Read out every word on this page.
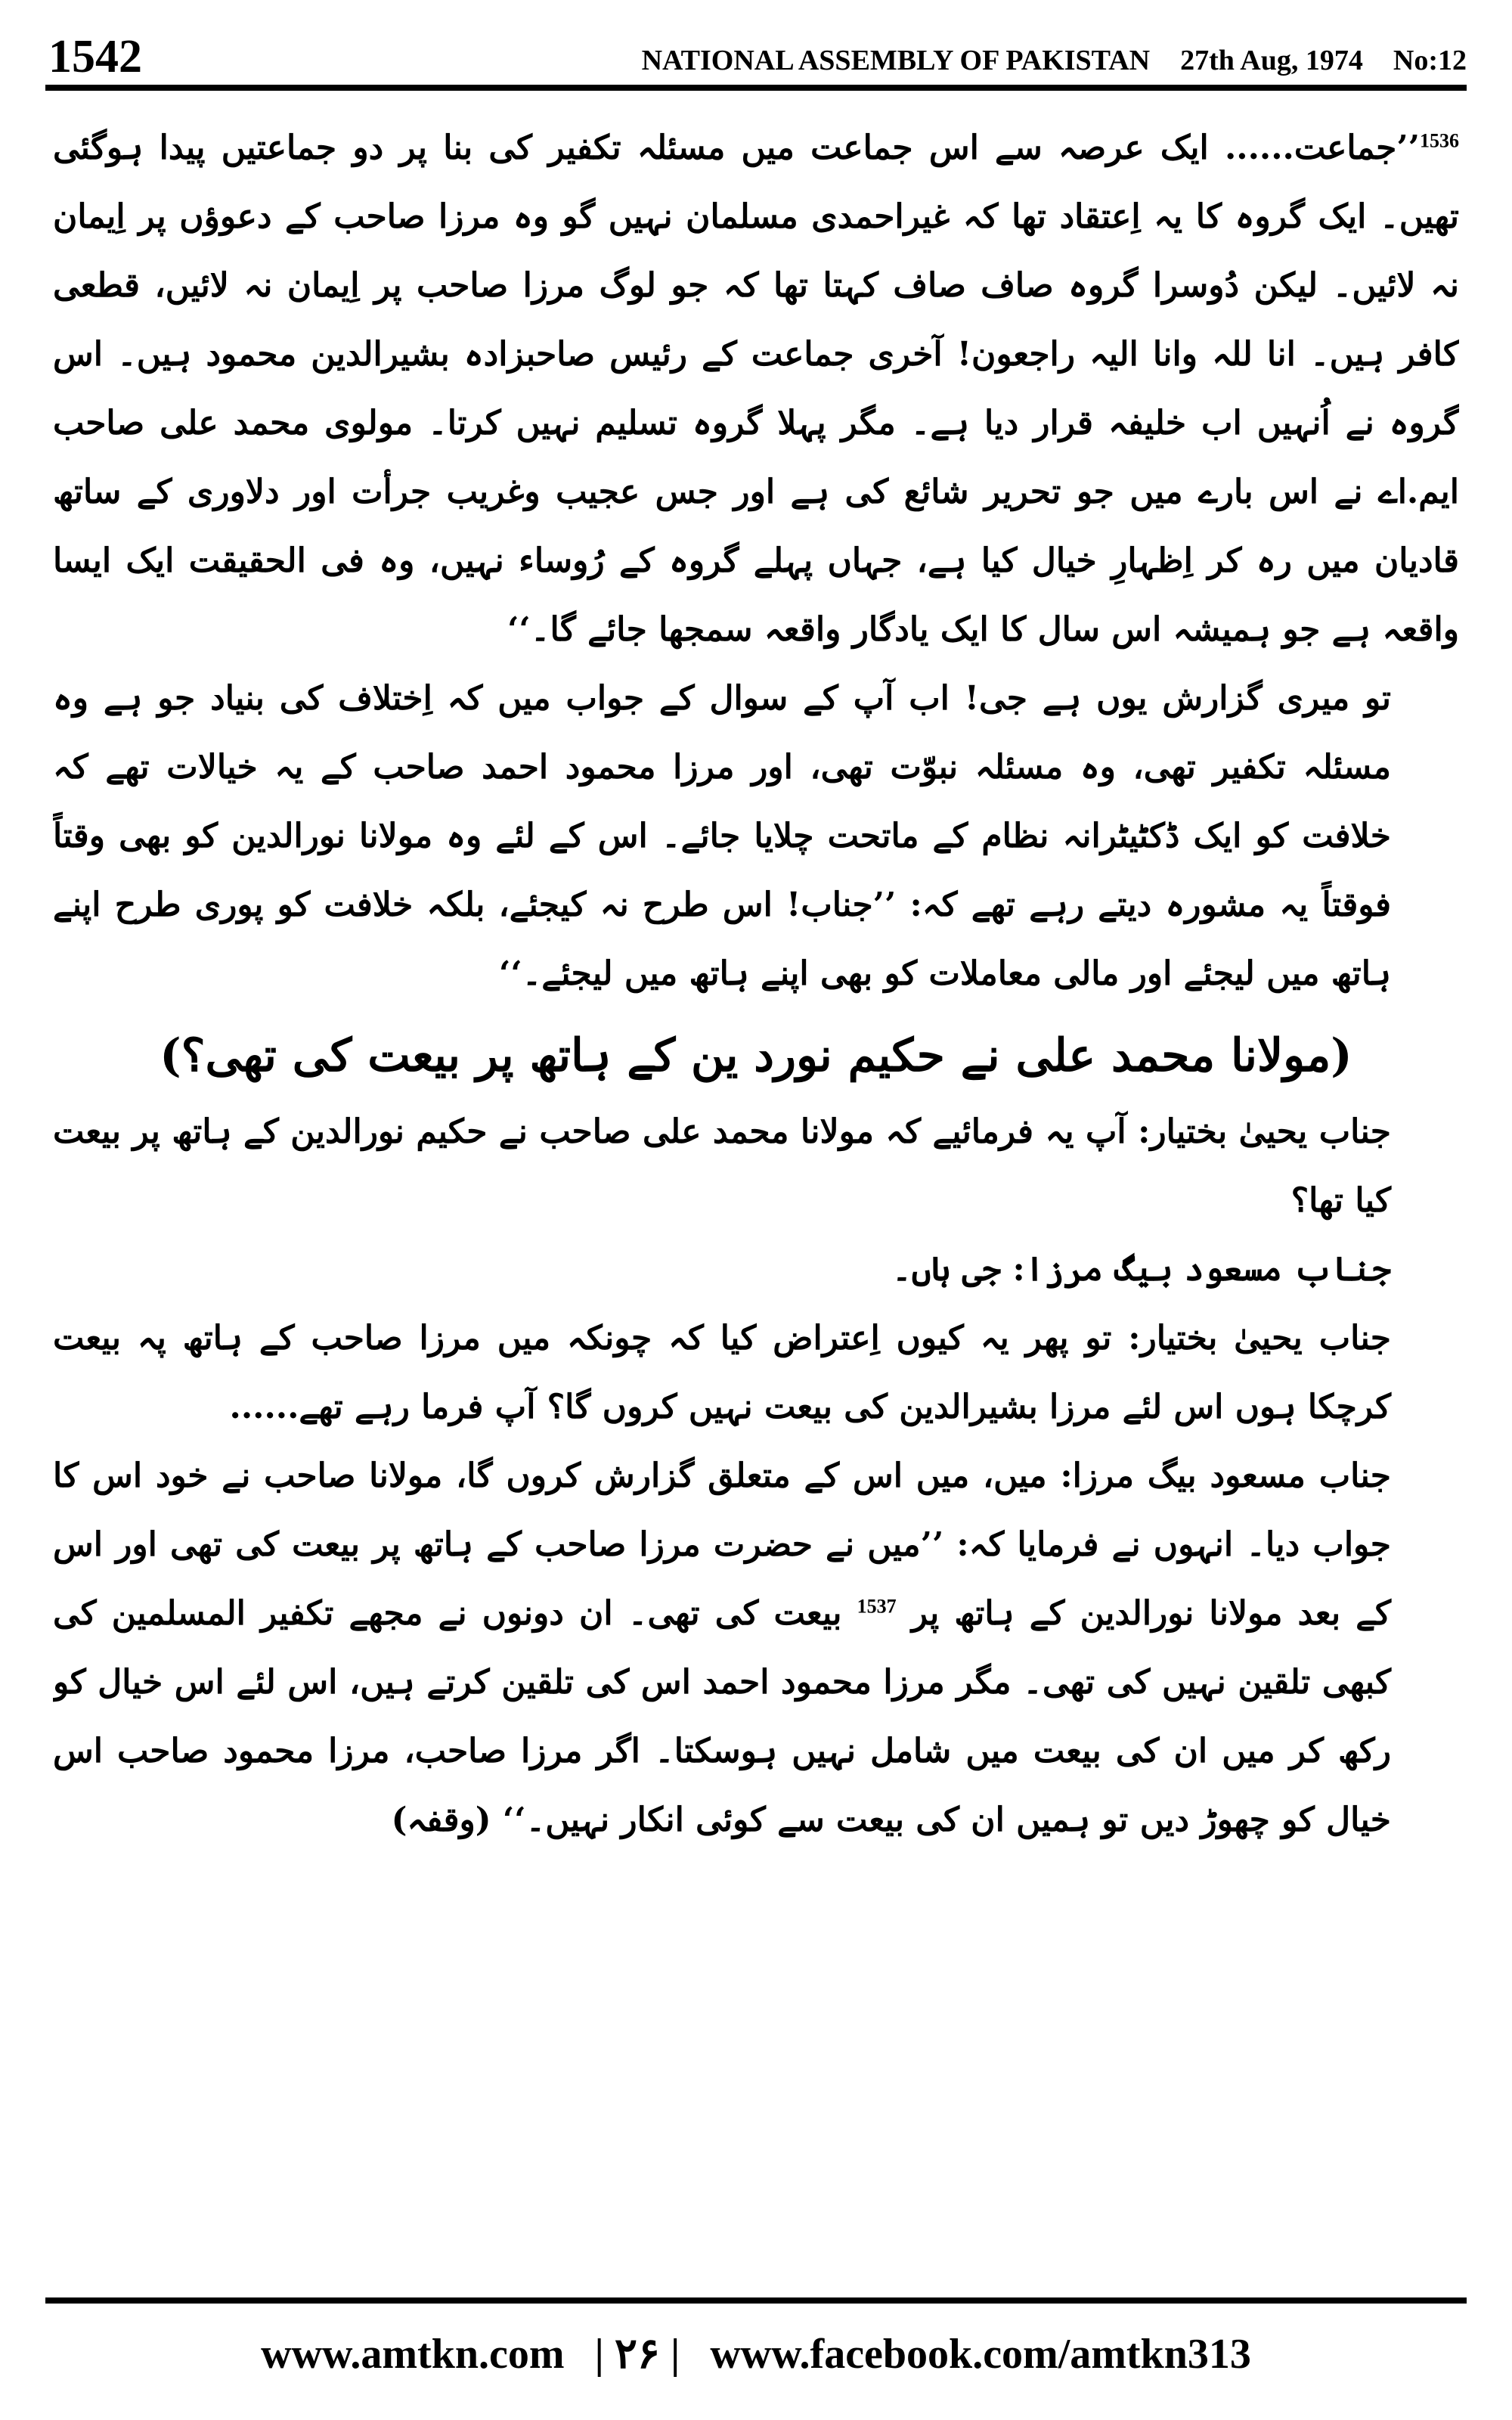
1542	NATIONAL ASSEMBLY OF PAKISTAN 27th Aug, 1974 No:12

$^{1536}$’’جماعت...... ایک عرصہ سے اس جماعت میں مسئلہ تکفیر کی بنا پر دو جماعتیں پیدا ہوگئی تھیں۔ ایک گروہ کا یہ اِعتقاد تھا کہ غیراحمدی مسلمان نہیں گو وہ مرزا صاحب کے دعوؤں پر اِیمان نہ لائیں۔ لیکن دُوسرا گروہ صاف صاف کہتا تھا کہ جو لوگ مرزا صاحب پر اِیمان نہ لائیں، قطعی کافر ہیں۔ انا للہ وانا الیہ راجعون! آخری جماعت کے رئیس صاحبزادہ بشیرالدین محمود ہیں۔ اس گروہ نے اُنہیں اب خلیفہ قرار دیا ہے۔ مگر پہلا گروہ تسلیم نہیں کرتا۔ مولوی محمد علی صاحب ایم.اے نے اس بارے میں جو تحریر شائع کی ہے اور جس عجیب وغریب جرأت اور دلاوری کے ساتھ قادیان میں رہ کر اِظہارِ خیال کیا ہے، جہاں پہلے گروہ کے رُوساء نہیں، وہ فی الحقیقت ایک ایسا واقعہ ہے جو ہمیشہ اس سال کا ایک یادگار واقعہ سمجھا جائے گا۔‘‘

تو میری گزارش یوں ہے جی! اب آپ کے سوال کے جواب میں کہ اِختلاف کی بنیاد جو ہے وہ مسئلہ تکفیر تھی، وہ مسئلہ نبوّت تھی، اور مرزا محمود احمد صاحب کے یہ خیالات تھے کہ خلافت کو ایک ڈکٹیٹرانہ نظام کے ماتحت چلایا جائے۔ اس کے لئے وہ مولانا نورالدین کو بھی وقتاً فوقتاً یہ مشورہ دیتے رہے تھے کہ: ’’جناب! اس طرح نہ کیجئے، بلکہ خلافت کو پوری طرح اپنے ہاتھ میں لیجئے اور مالی معاملات کو بھی اپنے ہاتھ میں لیجئے۔‘‘

(مولانا محمد علی نے حکیم نورد ین کے ہاتھ پر بیعت کی تھی؟)

جناب یحییٰ بختیار: آپ یہ فرمائیے کہ مولانا محمد علی صاحب نے حکیم نورالدین کے ہاتھ پر بیعت کیا تھا؟

جناب مسعود بیگ مرزا: جی ہاں۔

جناب یحییٰ بختیار: تو پھر یہ کیوں اِعتراض کیا کہ چونکہ میں مرزا صاحب کے ہاتھ پہ بیعت کرچکا ہوں اس لئے مرزا بشیرالدین کی بیعت نہیں کروں گا؟ آپ فرما رہے تھے......

جناب مسعود بیگ مرزا: میں، میں اس کے متعلق گزارش کروں گا، مولانا صاحب نے خود اس کا جواب دیا۔ انہوں نے فرمایا کہ: ’’میں نے حضرت مرزا صاحب کے ہاتھ پر بیعت کی تھی اور اس کے بعد مولانا نورالدین کے ہاتھ پر $^{1537}$ بیعت کی تھی۔ ان دونوں نے مجھے تکفیر المسلمین کی کبھی تلقین نہیں کی تھی۔ مگر مرزا محمود احمد اس کی تلقین کرتے ہیں، اس لئے اس خیال کو رکھ کر میں ان کی بیعت میں شامل نہیں ہوسکتا۔ اگر مرزا صاحب، مرزا محمود صاحب اس خیال کو چھوڑ دیں تو ہمیں ان کی بیعت سے کوئی انکار نہیں۔‘‘ (وقفہ)

www.amtkn.com | ۲۶ | www.facebook.com/amtkn313
